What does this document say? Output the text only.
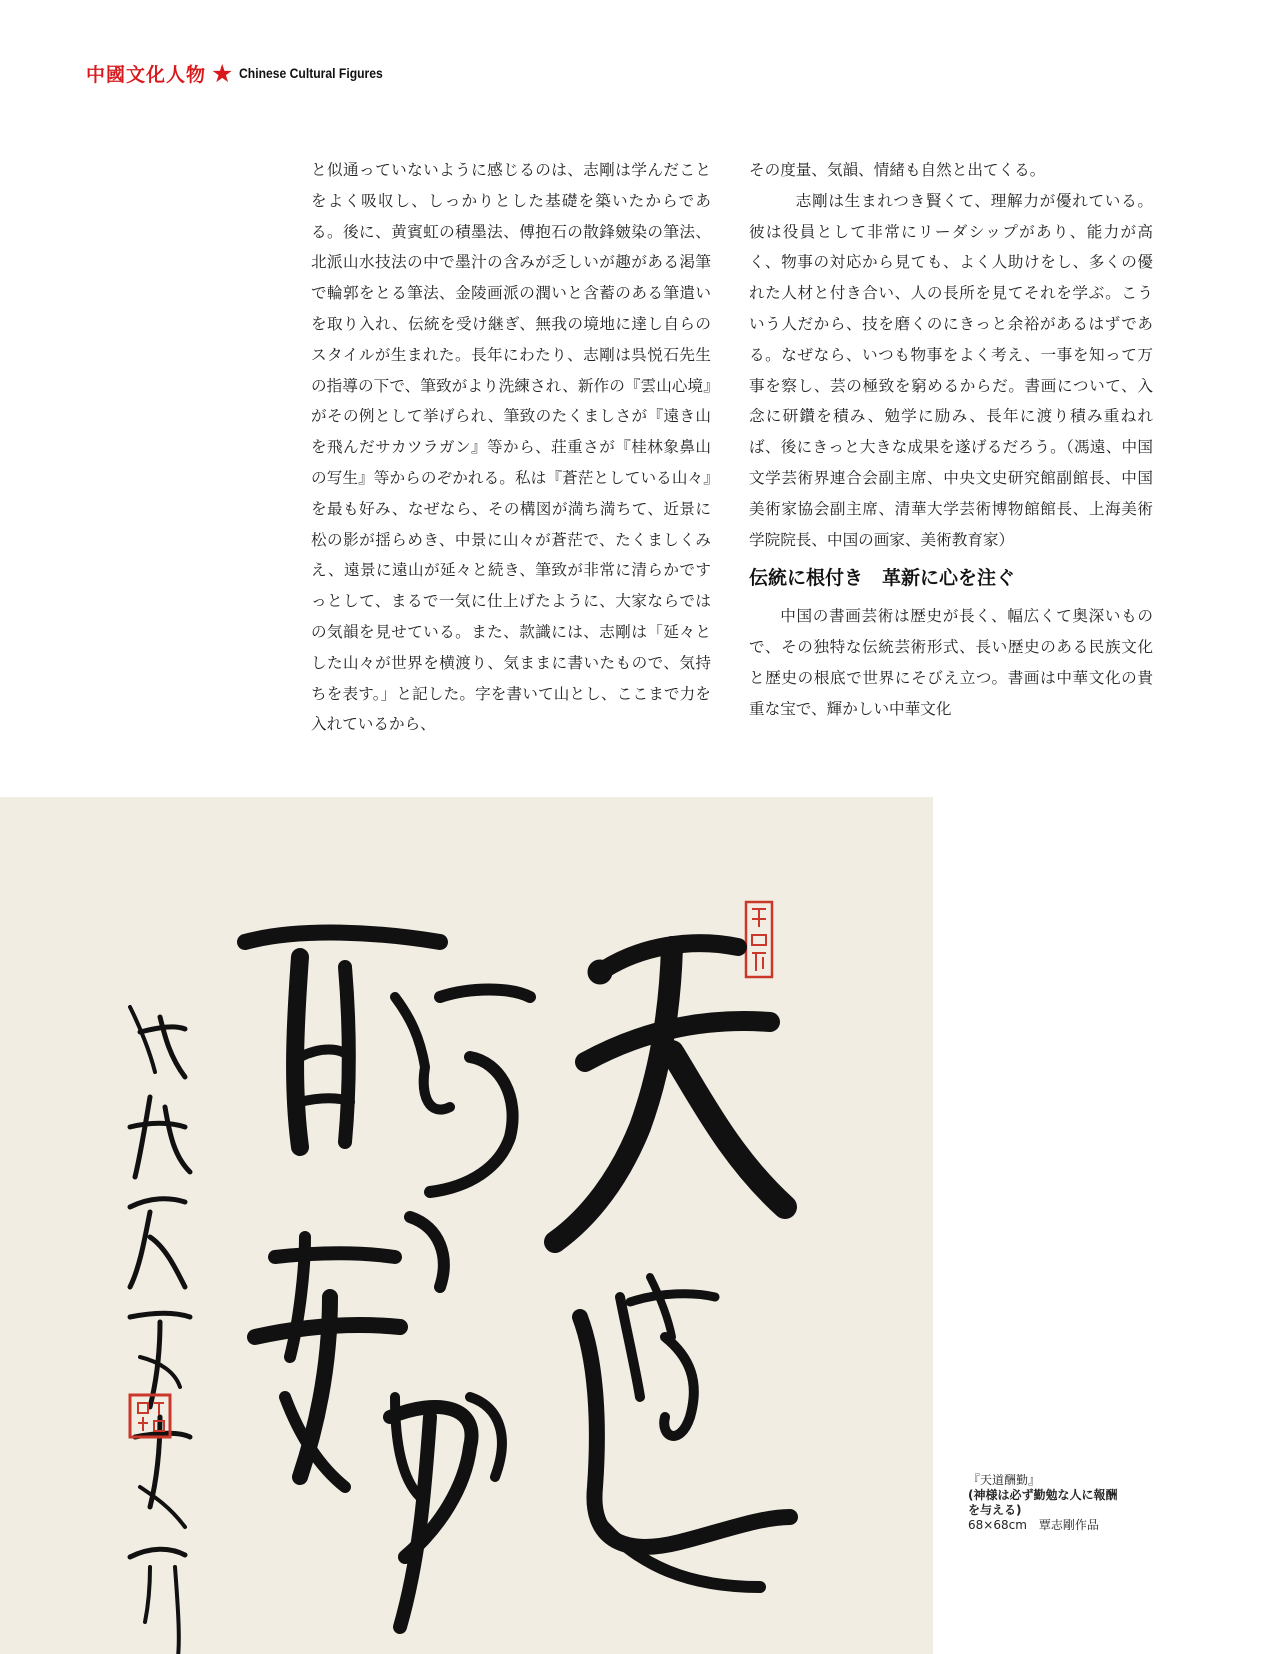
中國文化人物 ★ Chinese Cultural Figures

と似通っていないように感じるのは、志剛は学んだことをよく吸収し、しっかりとした基礎を築いたからである。後に、黄賓虹の積墨法、傅抱石の散鋒皴染の筆法、北派山水技法の中で墨汁の含みが乏しいが趣がある渇筆で輪郭をとる筆法、金陵画派の潤いと含蓄のある筆遣いを取り入れ、伝統を受け継ぎ、無我の境地に達し自らのスタイルが生まれた。長年にわたり、志剛は呉悦石先生の指導の下で、筆致がより洗練され、新作の『雲山心境』がその例として挙げられ、筆致のたくましさが『遠き山を飛んだサカツラガン』等から、荘重さが『桂林象鼻山の写生』等からのぞかれる。私は『蒼茫としている山々』を最も好み、なぜなら、その構図が満ち満ちて、近景に松の影が揺らめき、中景に山々が蒼茫で、たくましくみえ、遠景に遠山が延々と続き、筆致が非常に清らかですっとして、まるで一気に仕上げたように、大家ならではの気韻を見せている。また、款識には、志剛は「延々とした山々が世界を横渡り、気ままに書いたもので、気持ちを表す。」と記した。字を書いて山とし、ここまで力を入れているから、

その度量、気韻、情緒も自然と出てくる。

志剛は生まれつき賢くて、理解力が優れている。彼は役員として非常にリーダシップがあり、能力が高く、物事の対応から見ても、よく人助けをし、多くの優れた人材と付き合い、人の長所を見てそれを学ぶ。こういう人だから、技を磨くのにきっと余裕があるはずである。なぜなら、いつも物事をよく考え、一事を知って万事を察し、芸の極致を窮めるからだ。書画について、入念に研鑽を積み、勉学に励み、長年に渡り積み重ねれば、後にきっと大きな成果を遂げるだろう。（馮遠、中国文学芸術界連合会副主席、中央文史研究館副館長、中国美術家協会副主席、清華大学芸術博物館館長、上海美術学院院長、中国の画家、美術教育家）

伝統に根付き　革新に心を注ぐ

中国の書画芸術は歴史が長く、幅広くて奥深いもので、その独特な伝統芸術形式、長い歴史のある民族文化と歴史の根底で世界にそびえ立つ。書画は中華文化の貴重な宝で、輝かしい中華文化

『天道酬勤』
(神様は必ず勤勉な人に報酬
を与える)
68×68cm　覃志剛作品
